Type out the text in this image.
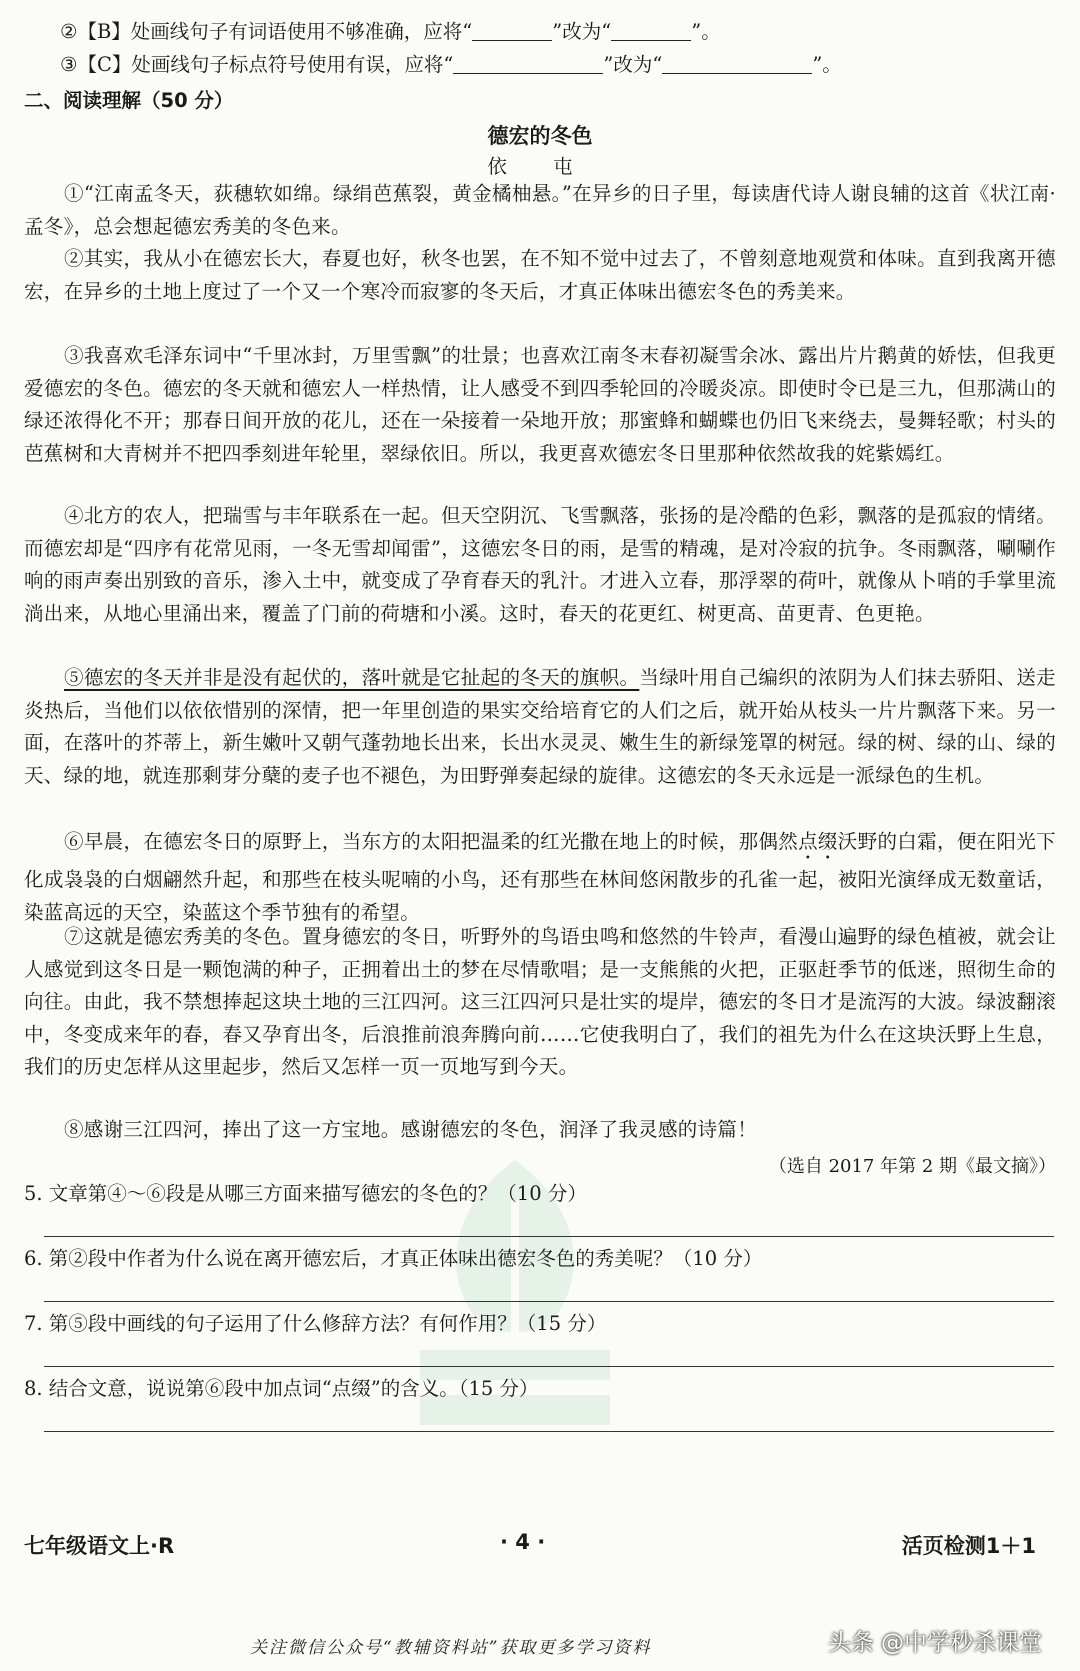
②【B】处画线句子有词语使用不够准确，应将“	”改为“	”。
③【C】处画线句子标点符号使用有误，应将“	”改为“	”。
二、阅读理解（50 分）
德宏的冬色
依 屯

①“江南孟冬天，荻穗软如绵。绿绢芭蕉裂，黄金橘柚悬。”在异乡的日子里，每读唐代诗人谢良辅的这首《状江南·孟冬》，总会想起德宏秀美的冬色来。

②其实，我从小在德宏长大，春夏也好，秋冬也罢，在不知不觉中过去了，不曾刻意地观赏和体味。直到我离开德宏，在异乡的土地上度过了一个又一个寒冷而寂寥的冬天后，才真正体味出德宏冬色的秀美来。

③我喜欢毛泽东词中“千里冰封，万里雪飘”的壮景；也喜欢江南冬末春初凝雪余冰、露出片片鹅黄的娇怯，但我更爱德宏的冬色。德宏的冬天就和德宏人一样热情，让人感受不到四季轮回的冷暖炎凉。即使时令已是三九，但那满山的绿还浓得化不开；那春日间开放的花儿，还在一朵接着一朵地开放；那蜜蜂和蝴蝶也仍旧飞来绕去，曼舞轻歌；村头的芭蕉树和大青树并不把四季刻进年轮里，翠绿依旧。所以，我更喜欢德宏冬日里那种依然故我的姹紫嫣红。

④北方的农人，把瑞雪与丰年联系在一起。但天空阴沉、飞雪飘落，张扬的是冷酷的色彩，飘落的是孤寂的情绪。而德宏却是“四序有花常见雨，一冬无雪却闻雷”，这德宏冬日的雨，是雪的精魂，是对冷寂的抗争。冬雨飘落，唰唰作响的雨声奏出别致的音乐，渗入土中，就变成了孕育春天的乳汁。才进入立春，那浮翠的荷叶，就像从卜哨的手掌里流淌出来，从地心里涌出来，覆盖了门前的荷塘和小溪。这时，春天的花更红、树更高、苗更青、色更艳。

⑤德宏的冬天并非是没有起伏的，落叶就是它扯起的冬天的旗帜。当绿叶用自己编织的浓阴为人们抹去骄阳、送走炎热后，当他们以依依惜别的深情，把一年里创造的果实交给培育它的人们之后，就开始从枝头一片片飘落下来。另一面，在落叶的芥蒂上，新生嫩叶又朝气蓬勃地长出来，长出水灵灵、嫩生生的新绿笼罩的树冠。绿的树、绿的山、绿的天、绿的地，就连那剩芽分蘖的麦子也不褪色，为田野弹奏起绿的旋律。这德宏的冬天永远是一派绿色的生机。

⑥早晨，在德宏冬日的原野上，当东方的太阳把温柔的红光撒在地上的时候，那偶然点缀沃野的白霜，便在阳光下化成袅袅的白烟翩然升起，和那些在枝头呢喃的小鸟，还有那些在林间悠闲散步的孔雀一起，被阳光演绎成无数童话，染蓝高远的天空，染蓝这个季节独有的希望。

⑦这就是德宏秀美的冬色。置身德宏的冬日，听野外的鸟语虫鸣和悠然的牛铃声，看漫山遍野的绿色植被，就会让人感觉到这冬日是一颗饱满的种子，正拥着出土的梦在尽情歌唱；是一支熊熊的火把，正驱赶季节的低迷，照彻生命的向往。由此，我不禁想捧起这块土地的三江四河。这三江四河只是壮实的堤岸，德宏的冬日才是流泻的大波。绿波翻滚中，冬变成来年的春，春又孕育出冬，后浪推前浪奔腾向前……它使我明白了，我们的祖先为什么在这块沃野上生息，我们的历史怎样从这里起步，然后又怎样一页一页地写到今天。

⑧感谢三江四河，捧出了这一方宝地。感谢德宏的冬色，润泽了我灵感的诗篇！

（选自 2017 年第 2 期《最文摘》）
5. 文章第④～⑥段是从哪三方面来描写德宏的冬色的？（10 分）
6. 第②段中作者为什么说在离开德宏后，才真正体味出德宏冬色的秀美呢？（10 分）
7. 第⑤段中画线的句子运用了什么修辞方法？有何作用？（15 分）
8. 结合文意，说说第⑥段中加点词“点缀”的含义。（15 分）
七年级语文上·R	· 4 ·	活页检测1＋1
关注微信公众号“教辅资料站”获取更多学习资料	头条 @中学秒杀课堂
